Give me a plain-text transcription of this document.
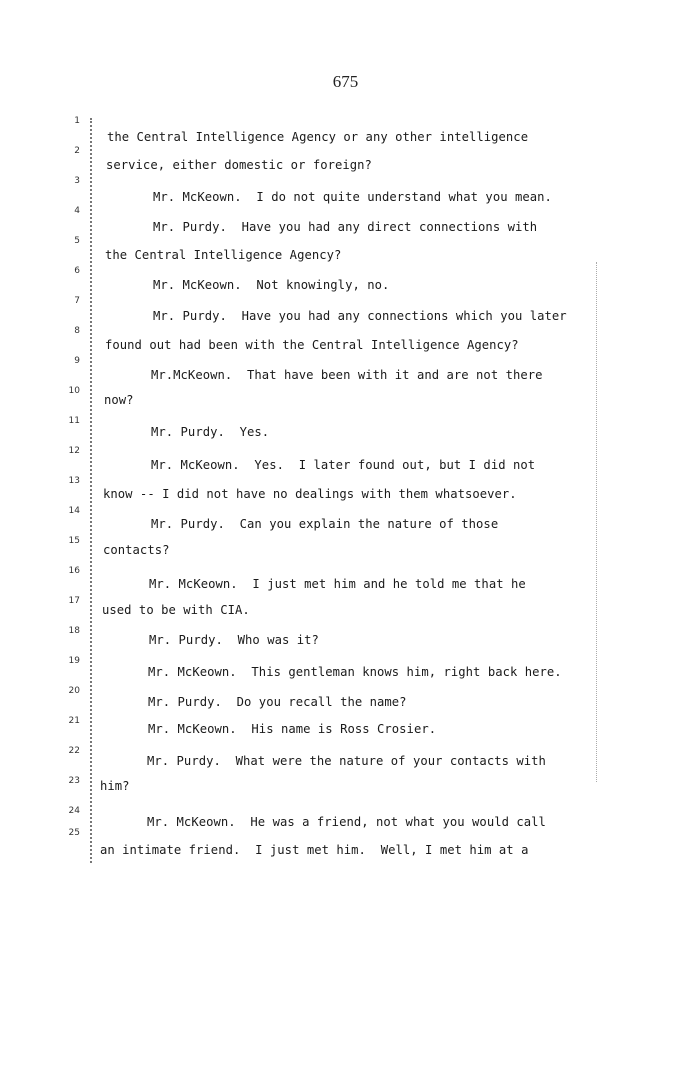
675
1
2
3
4
5
6
7
8
9
10
11
12
13
14
15
16
17
18
19
20
21
22
23
24
25
the Central Intelligence Agency or any other intelligence
service, either domestic or foreign?
Mr. McKeown.  I do not quite understand what you mean.
Mr. Purdy.  Have you had any direct connections with
the Central Intelligence Agency?
Mr. McKeown.  Not knowingly, no.
Mr. Purdy.  Have you had any connections which you later
found out had been with the Central Intelligence Agency?
Mr.McKeown.  That have been with it and are not there
now?
Mr. Purdy.  Yes.
Mr. McKeown.  Yes.  I later found out, but I did not
know -- I did not have no dealings with them whatsoever.
Mr. Purdy.  Can you explain the nature of those
contacts?
Mr. McKeown.  I just met him and he told me that he
used to be with CIA.
Mr. Purdy.  Who was it?
Mr. McKeown.  This gentleman knows him, right back here.
Mr. Purdy.  Do you recall the name?
Mr. McKeown.  His name is Ross Crosier.
Mr. Purdy.  What were the nature of your contacts with
him?
Mr. McKeown.  He was a friend, not what you would call
an intimate friend.  I just met him.  Well, I met him at a
